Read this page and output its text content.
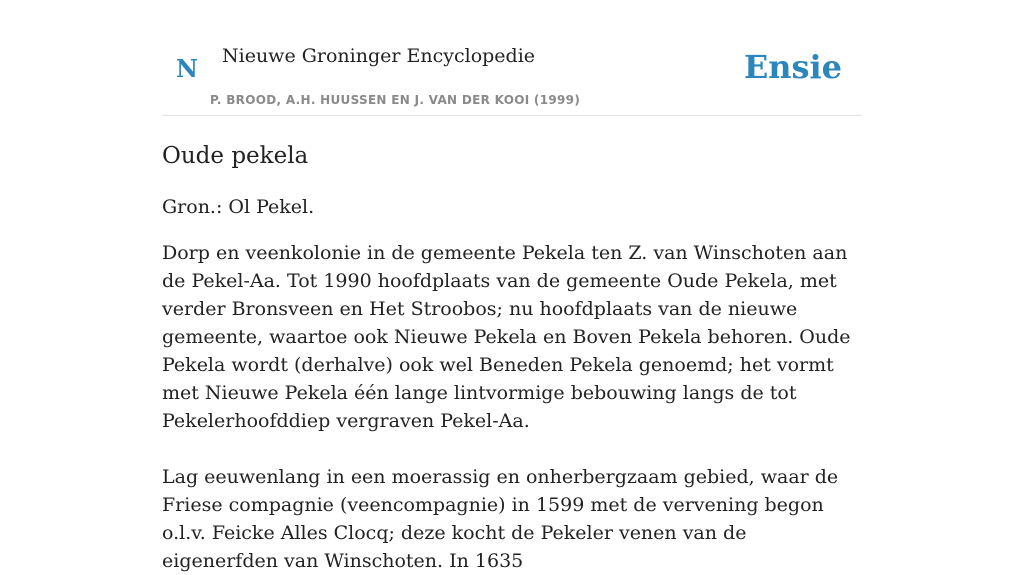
N Nieuwe Groninger Encyclopedie
P. BROOD, A.H. HUUSSEN EN J. VAN DER KOOI (1999)
Ensie
Oude pekela

Gron.: Ol Pekel.

Dorp en veenkolonie in de gemeente Pekela ten Z. van Winschoten aan de Pekel-Aa. Tot 1990 hoofdplaats van de gemeente Oude Pekela, met verder Bronsveen en Het Stroobos; nu hoofdplaats van de nieuwe gemeente, waartoe ook Nieuwe Pekela en Boven Pekela behoren. Oude Pekela wordt (derhalve) ook wel Beneden Pekela genoemd; het vormt met Nieuwe Pekela één lange lintvormige bebouwing langs de tot Pekelerhoofddiep vergraven Pekel-Aa.

Lag eeuwenlang in een moerassig en onherbergzaam gebied, waar de Friese compagnie (veencompagnie) in 1599 met de vervening begon o.l.v. Feicke Alles Clocq; deze kocht de Pekeler venen van de eigenerfden van Winschoten. In 1635
